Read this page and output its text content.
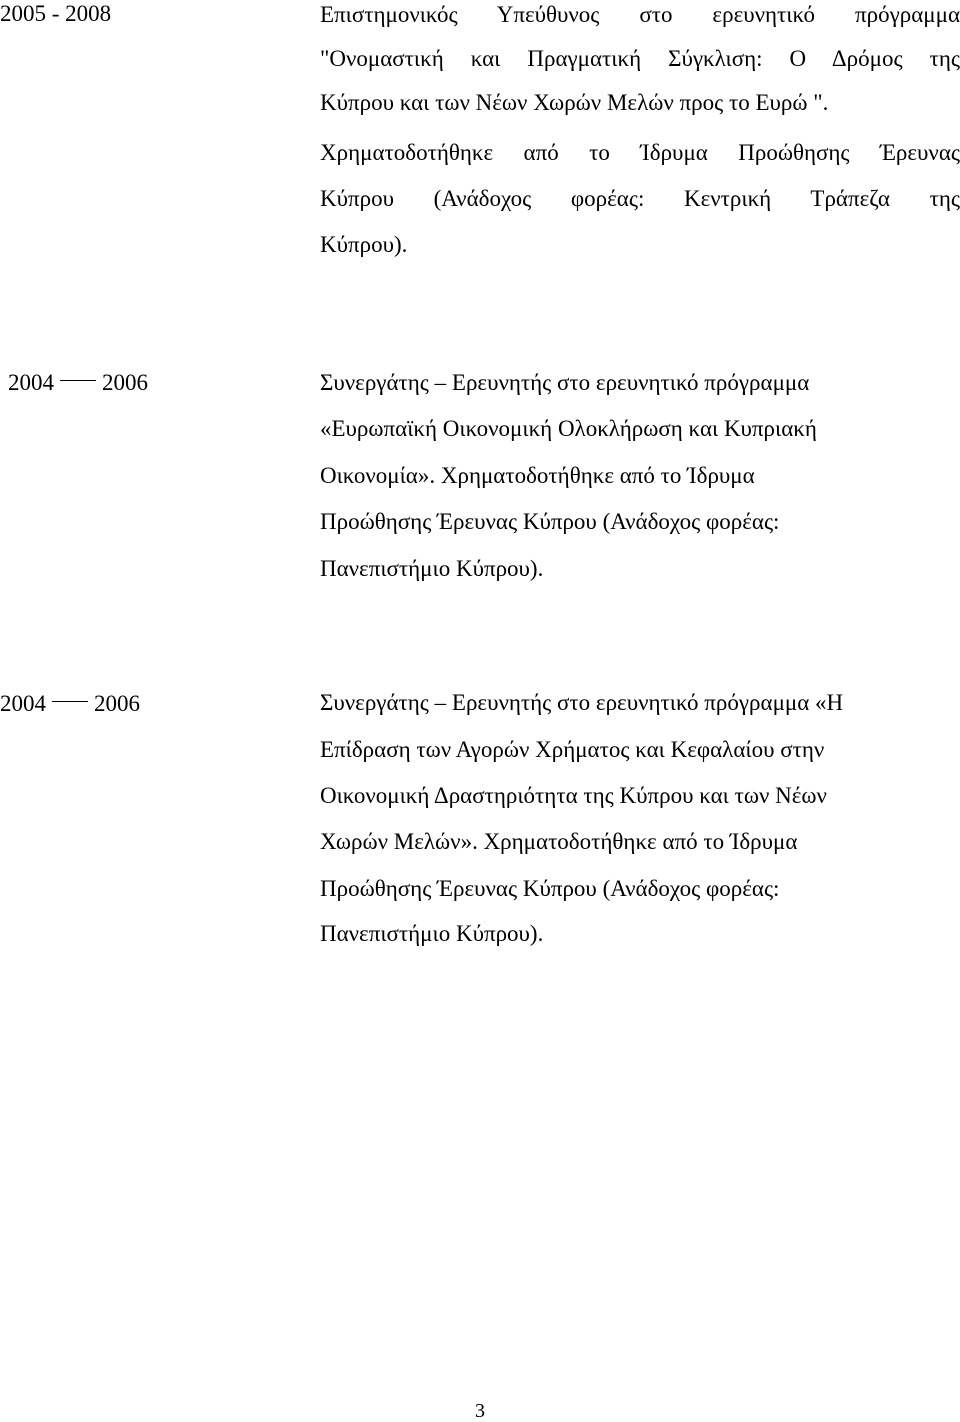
2005 - 2008	Επιστημονικός Υπεύθυνος στο ερευνητικό πρόγραμμα
"Ονομαστική και Πραγματική Σύγκλιση: Ο Δρόμος της
Κύπρου και των Νέων Χωρών Μελών προς το Ευρώ ".
Χρηματοδοτήθηκε από το Ίδρυμα Προώθησης Έρευνας
Κύπρου (Ανάδοχος φορέας: Κεντρική Τράπεζα της
Κύπρου).
2004 2006	Συνεργάτης – Ερευνητής στο ερευνητικό πρόγραμμα
«Ευρωπαϊκή Οικονομική Ολοκλήρωση και Κυπριακή
Οικονομία». Χρηματοδοτήθηκε από το Ίδρυμα
Προώθησης Έρευνας Κύπρου (Ανάδοχος φορέας:
Πανεπιστήμιο Κύπρου).
2004 2006	Συνεργάτης – Ερευνητής στο ερευνητικό πρόγραμμα «Η
Επίδραση των Αγορών Χρήματος και Κεφαλαίου στην
Οικονομική Δραστηριότητα της Κύπρου και των Νέων
Χωρών Μελών». Χρηματοδοτήθηκε από το Ίδρυμα
Προώθησης Έρευνας Κύπρου (Ανάδοχος φορέας:
Πανεπιστήμιο Κύπρου).
3
